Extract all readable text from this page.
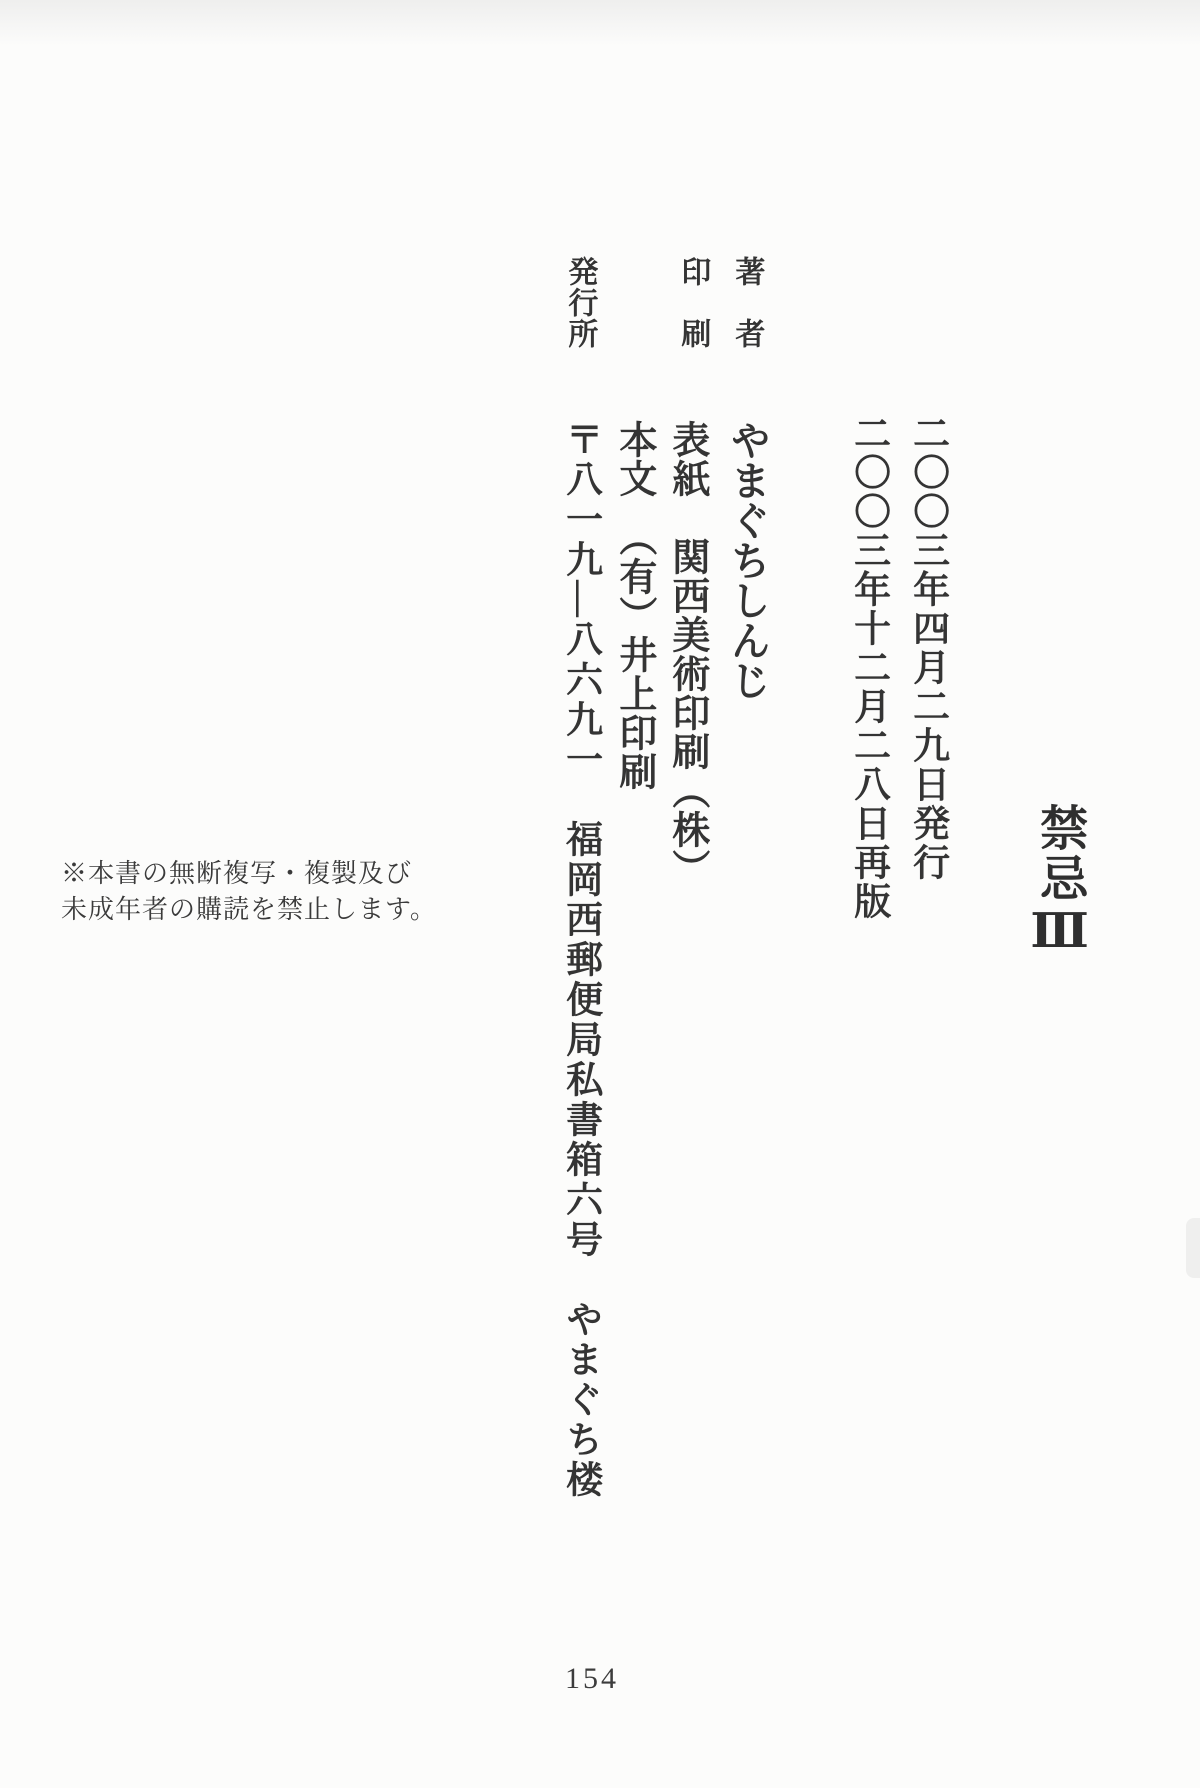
禁忌Ⅲ
二〇〇三年四月二九日発行
二〇〇三年十二月二八日再版
著　者
やまぐちしんじ
印　刷
表紙　関西美術印刷（株）
本文　（有）井上印刷
発行所
〒八一九—八六九一　福岡西郵便局私書箱六号　やまぐち楼
※本書の無断複写・複製及び
未成年者の購読を禁止します。
154
